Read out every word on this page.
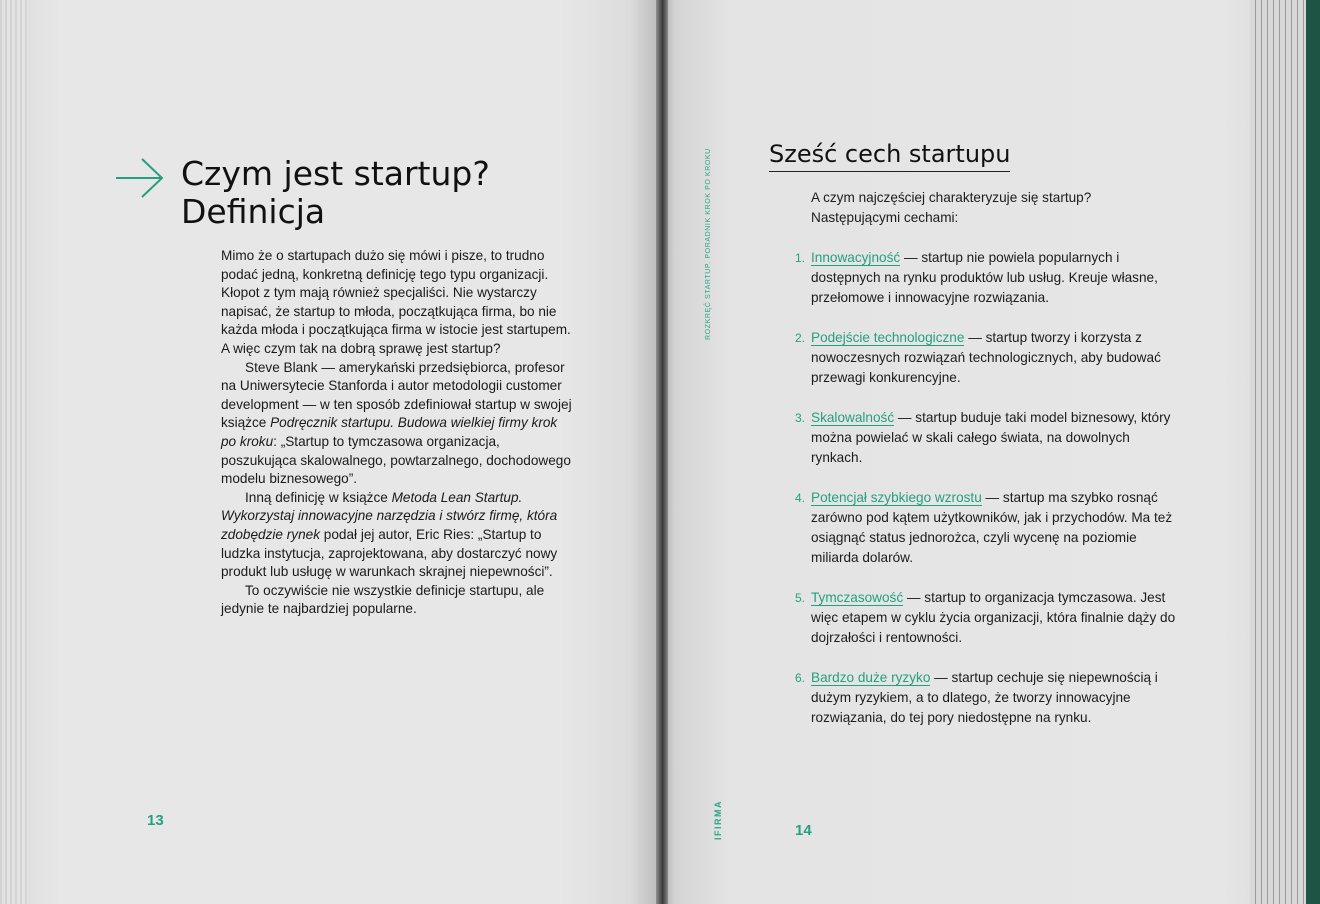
Czym jest startup?
Definicja

Mimo że o startupach dużo się mówi i pisze, to trudno podać jedną, konkretną definicję tego typu organizacji. Kłopot z tym mają również specjaliści. Nie wystarczy napisać, że startup to młoda, początkująca firma, bo nie każda młoda i początkująca firma w istocie jest startupem. A więc czym tak na dobrą sprawę jest startup?

Steve Blank — amerykański przedsiębiorca, profesor na Uniwersytecie Stanforda i autor metodologii customer development — w ten sposób zdefiniował startup w swojej książce Podręcznik startupu. Budowa wielkiej firmy krok po kroku: „Startup to tymczasowa organizacja, poszukująca skalowalnego, powtarzalnego, dochodowego modelu biznesowego”.

Inną definicję w książce Metoda Lean Startup. Wykorzystaj innowacyjne narzędzia i stwórz firmę, która zdobędzie rynek podał jej autor, Eric Ries: „Startup to ludzka instytucja, zaprojektowana, aby dostarczyć nowy produkt lub usługę w warunkach skrajnej niepewności”.

To oczywiście nie wszystkie definicje startupu, ale jedynie te najbardziej popularne.

13
ROZKRĘĆ STARTUP. PORADNIK KROK PO KROKU
IFIRMA
Sześć cech startupu
A czym najczęściej charakteryzuje się startup? Następującymi cechami:
1. Innowacyjność — startup nie powiela popularnych i dostępnych na rynku produktów lub usług. Kreuje własne, przełomowe i innowacyjne rozwiązania.
2. Podejście technologiczne — startup tworzy i korzysta z nowoczesnych rozwiązań technologicznych, aby budować przewagi konkurencyjne.
3. Skalowalność — startup buduje taki model biznesowy, który można powielać w skali całego świata, na dowolnych rynkach.
4. Potencjał szybkiego wzrostu — startup ma szybko rosnąć zarówno pod kątem użytkowników, jak i przychodów. Ma też osiągnąć status jednorożca, czyli wycenę na poziomie miliarda dolarów.
5. Tymczasowość — startup to organizacja tymczasowa. Jest więc etapem w cyklu życia organizacji, która finalnie dąży do dojrzałości i rentowności.
6. Bardzo duże ryzyko — startup cechuje się niepewnością i dużym ryzykiem, a to dlatego, że tworzy innowacyjne rozwiązania, do tej pory niedostępne na rynku.
14
